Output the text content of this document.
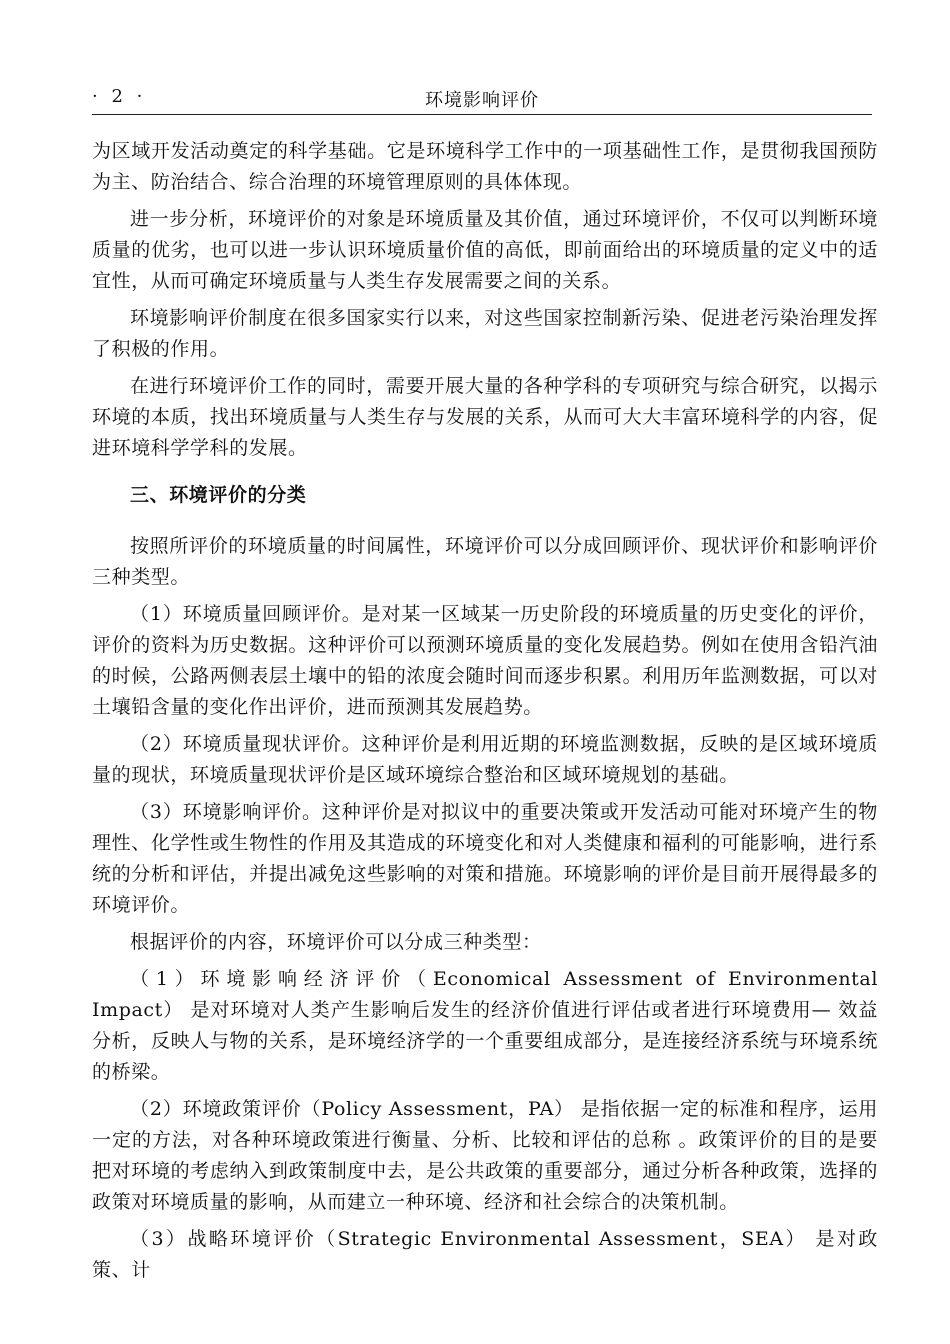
· 2 ·	环境影响评价

为区域开发活动奠定的科学基础。它是环境科学工作中的一项基础性工作，是贯彻我国预防为主、防治结合、综合治理的环境管理原则的具体体现。

进一步分析，环境评价的对象是环境质量及其价值，通过环境评价，不仅可以判断环境质量的优劣，也可以进一步认识环境质量价值的高低，即前面给出的环境质量的定义中的适宜性，从而可确定环境质量与人类生存发展需要之间的关系。

环境影响评价制度在很多国家实行以来，对这些国家控制新污染、促进老污染治理发挥了积极的作用。

在进行环境评价工作的同时，需要开展大量的各种学科的专项研究与综合研究，以揭示环境的本质，找出环境质量与人类生存与发展的关系，从而可大大丰富环境科学的内容，促进环境科学学科的发展。

三、环境评价的分类

按照所评价的环境质量的时间属性，环境评价可以分成回顾评价、现状评价和影响评价三种类型。

（1）环境质量回顾评价。是对某一区域某一历史阶段的环境质量的历史变化的评价，评价的资料为历史数据。这种评价可以预测环境质量的变化发展趋势。例如在使用含铅汽油的时候，公路两侧表层土壤中的铅的浓度会随时间而逐步积累。利用历年监测数据，可以对土壤铅含量的变化作出评价，进而预测其发展趋势。

（2）环境质量现状评价。这种评价是利用近期的环境监测数据，反映的是区域环境质量的现状，环境质量现状评价是区域环境综合整治和区域环境规划的基础。

（3）环境影响评价。这种评价是对拟议中的重要决策或开发活动可能对环境产生的物理性、化学性或生物性的作用及其造成的环境变化和对人类健康和福利的可能影响，进行系统的分析和评估，并提出减免这些影响的对策和措施。环境影响的评价是目前开展得最多的环境评价。

根据评价的内容，环境评价可以分成三种类型：

（1）环境影响经济评价（Economical Assessment of Environmental Impact） 是对环境对人类产生影响后发生的经济价值进行评估或者进行环境费用— 效益分析，反映人与物的关系，是环境经济学的一个重要组成部分，是连接经济系统与环境系统的桥梁。

（2）环境政策评价（Policy Assessment，PA） 是指依据一定的标准和程序，运用一定的方法，对各种环境政策进行衡量、分析、比较和评估的总称 。政策评价的目的是要把对环境的考虑纳入到政策制度中去，是公共政策的重要部分，通过分析各种政策，选择的政策对环境质量的影响，从而建立一种环境、经济和社会综合的决策机制。

（3）战略环境评价（Strategic Environmental Assessment，SEA） 是对政策、计
